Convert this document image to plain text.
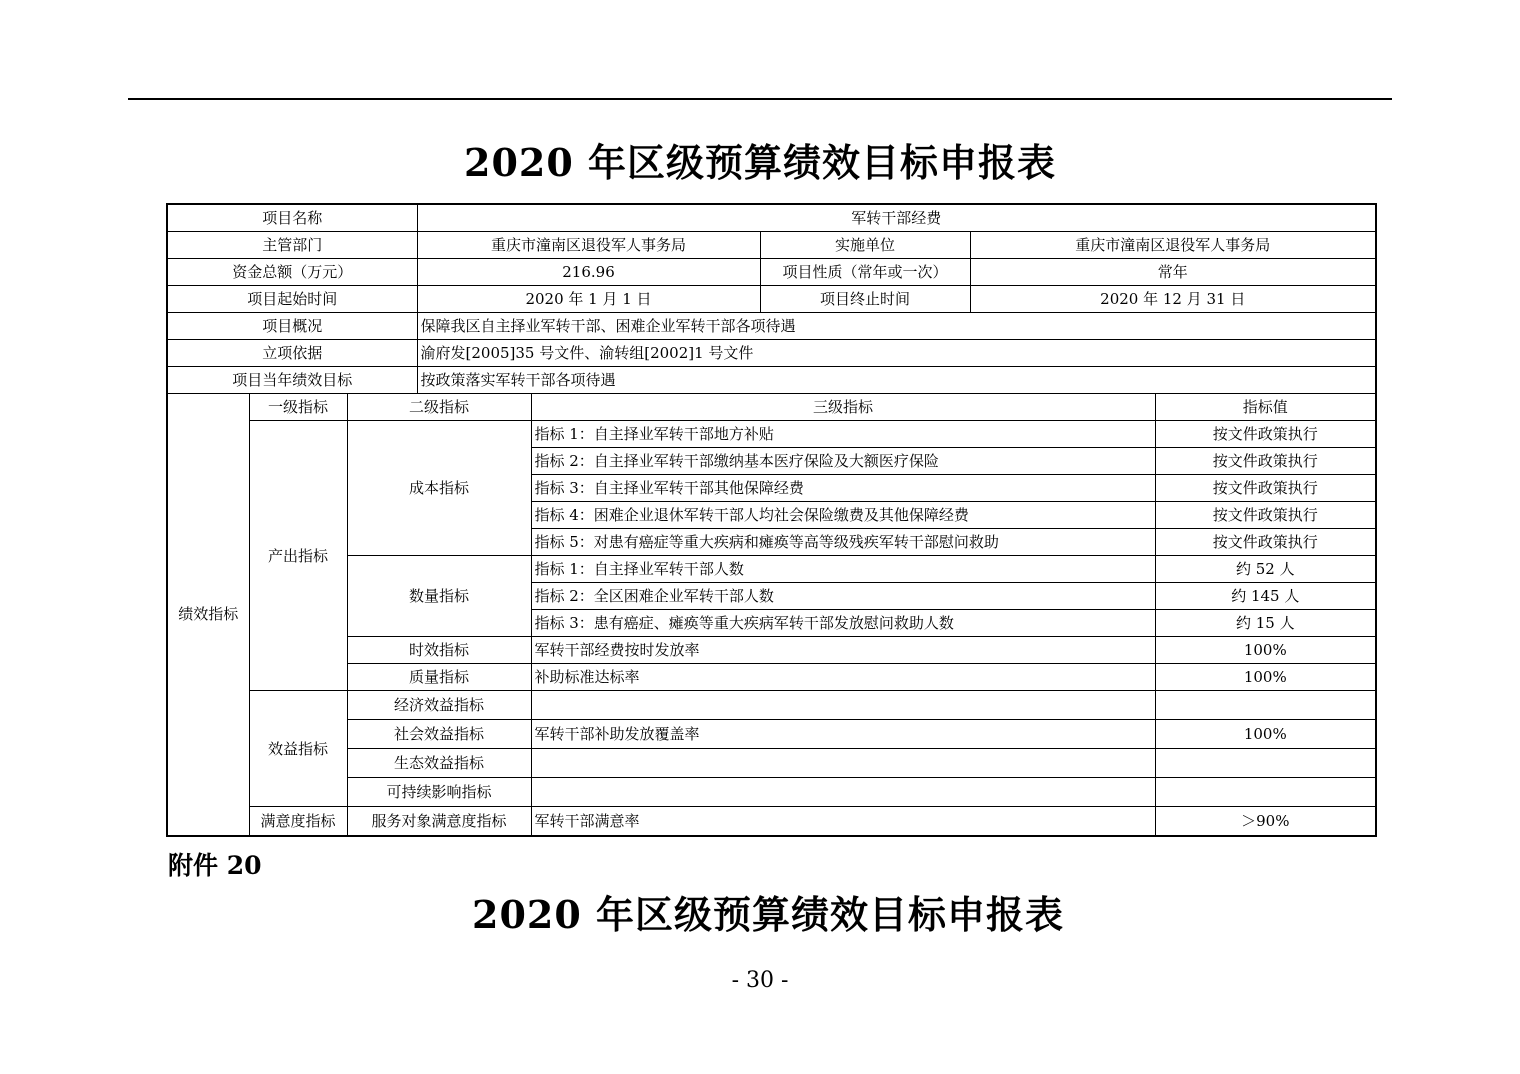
2020 年区级预算绩效目标申报表
项目名称			军转干部经费				
主管部门			重庆市潼南区退役军人事务局		实施单位	重庆市潼南区退役军人事务局	
资金总额（万元）			216.96		项目性质（常年或一次）	常年	
项目起始时间			2020 年 1 月 1 日		项目终止时间	2020 年 12 月 31 日	
项目概况			保障我区自主择业军转干部、困难企业军转干部各项待遇				
立项依据			渝府发[2005]35 号文件、渝转组[2002]1 号文件				
项目当年绩效目标			按政策落实军转干部各项待遇				
绩效指标	一级指标	二级指标		三级指标			指标值
	产出指标	成本指标		指标 1：自主择业军转干部地方补贴			按文件政策执行
				指标 2：自主择业军转干部缴纳基本医疗保险及大额医疗保险			按文件政策执行
				指标 3：自主择业军转干部其他保障经费			按文件政策执行
				指标 4：困难企业退休军转干部人均社会保险缴费及其他保障经费			按文件政策执行
				指标 5：对患有癌症等重大疾病和瘫痪等高等级残疾军转干部慰问救助			按文件政策执行
		数量指标		指标 1：自主择业军转干部人数			约 52 人
				指标 2：全区困难企业军转干部人数			约 145 人
				指标 3：患有癌症、瘫痪等重大疾病军转干部发放慰问救助人数			约 15 人
		时效指标		军转干部经费按时发放率			100%
		质量指标		补助标准达标率			100%
	效益指标	经济效益指标					
		社会效益指标		军转干部补助发放覆盖率			100%
		生态效益指标					
		可持续影响指标					
	满意度指标	服务对象满意度指标		军转干部满意率			＞90%
附件 20
2020 年区级预算绩效目标申报表
- 30 -
